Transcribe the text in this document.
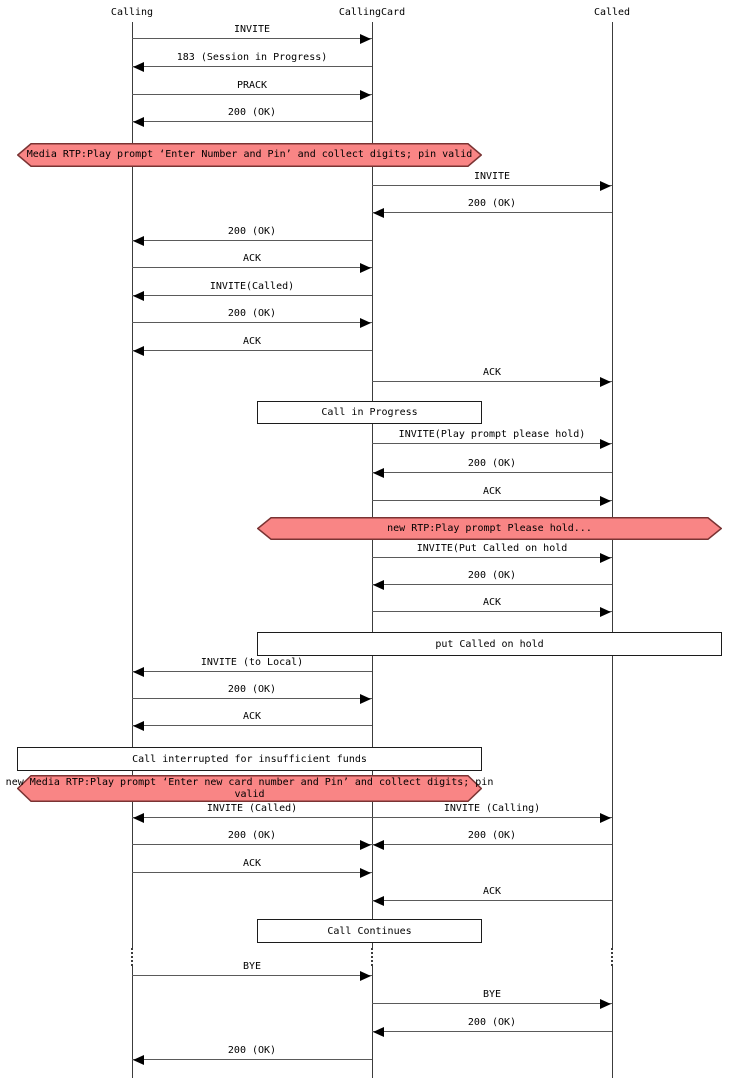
Calling	CallingCard	Called
INVITE
183 (Session in Progress)
PRACK
200 (OK)
Media RTP:Play prompt ‘Enter Number and Pin’ and collect digits; pin valid
INVITE
200 (OK)
200 (OK)
ACK
INVITE(Called)
200 (OK)
ACK
ACK
Call in Progress
INVITE(Play prompt please hold)
200 (OK)
ACK
new RTP:Play prompt Please hold...
INVITE(Put Called on hold
200 (OK)
ACK
put Called on hold
INVITE (to Local)
200 (OK)
ACK
Call interrupted for insufficient funds
new Media RTP:Play prompt ‘Enter new card number and Pin’ and collect digits; pin
valid
INVITE (Called)	INVITE (Calling)
200 (OK)	200 (OK)
ACK
ACK
Call Continues
BYE
BYE
200 (OK)
200 (OK)
